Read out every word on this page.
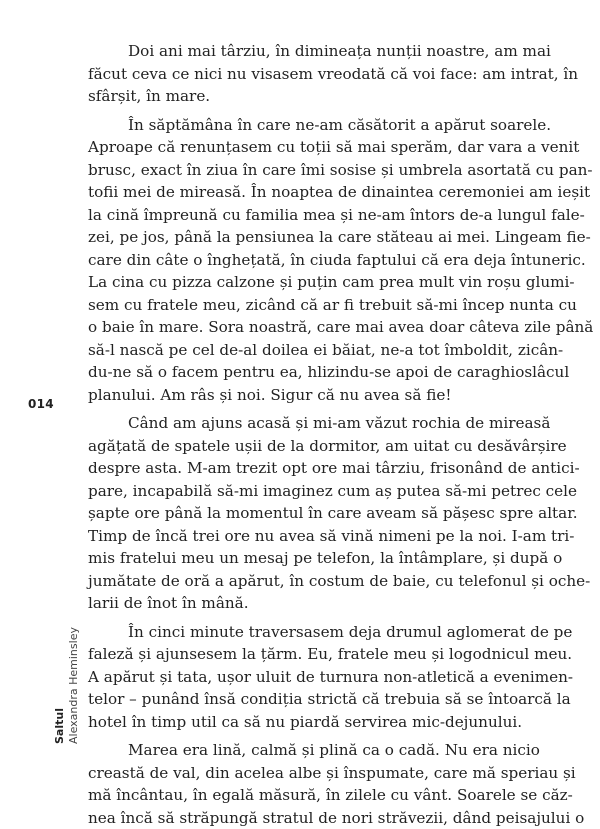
Doi ani mai târziu, în dimineața nunții noastre, am mai
făcut ceva ce nici nu visasem vreodată că voi face: am intrat, în
sfârșit, în mare.
În săptămâna în care ne-am căsătorit a apărut soarele.
Aproape că renunțasem cu toții să mai sperăm, dar vara a venit
brusc, exact în ziua în care îmi sosise și umbrela asortată cu pan-
tofii mei de mireasă. În noaptea de dinaintea ceremoniei am ieșit
la cină împreună cu familia mea și ne-am întors de-a lungul fale-
zei, pe jos, până la pensiunea la care stăteau ai mei. Lingeam fie-
care din câte o înghețată, în ciuda faptului că era deja întuneric.
La cina cu pizza calzone și puțin cam prea mult vin roșu glumi-
sem cu fratele meu, zicând că ar fi trebuit să-mi încep nunta cu
o baie în mare. Sora noastră, care mai avea doar câteva zile până
să-l nască pe cel de-al doilea ei băiat, ne-a tot îmboldit, zicân-
du-ne să o facem pentru ea, hlizindu-se apoi de caraghioslâcul
planului. Am râs și noi. Sigur că nu avea să fie!
Când am ajuns acasă și mi-am văzut rochia de mireasă
agățată de spatele ușii de la dormitor, am uitat cu desăvârșire
despre asta. M-am trezit opt ore mai târziu, frisonând de antici-
pare, incapabilă să-mi imaginez cum aș putea să-mi petrec cele
șapte ore până la momentul în care aveam să pășesc spre altar.
Timp de încă trei ore nu avea să vină nimeni pe la noi. I-am tri-
mis fratelui meu un mesaj pe telefon, la întâmplare, și după o
jumătate de oră a apărut, în costum de baie, cu telefonul și oche-
larii de înot în mână.
În cinci minute traversasem deja drumul aglomerat de pe
faleză și ajunsesem la țărm. Eu, fratele meu și logodnicul meu.
A apărut și tata, ușor uluit de turnura non-atletică a evenimen-
telor – punând însă condiția strictă că trebuia să se întoarcă la
hotel în timp util ca să nu piardă servirea mic-dejunului.
Marea era lină, calmă și plină ca o cadă. Nu era nicio
creastă de val, din acelea albe și înspumate, care mă speriau și
mă încântau, în egală măsură, în zilele cu vânt. Soarele se căz-
nea încă să străpungă stratul de nori străvezii, dând peisajului o
014
Saltul Alexandra Heminsley
